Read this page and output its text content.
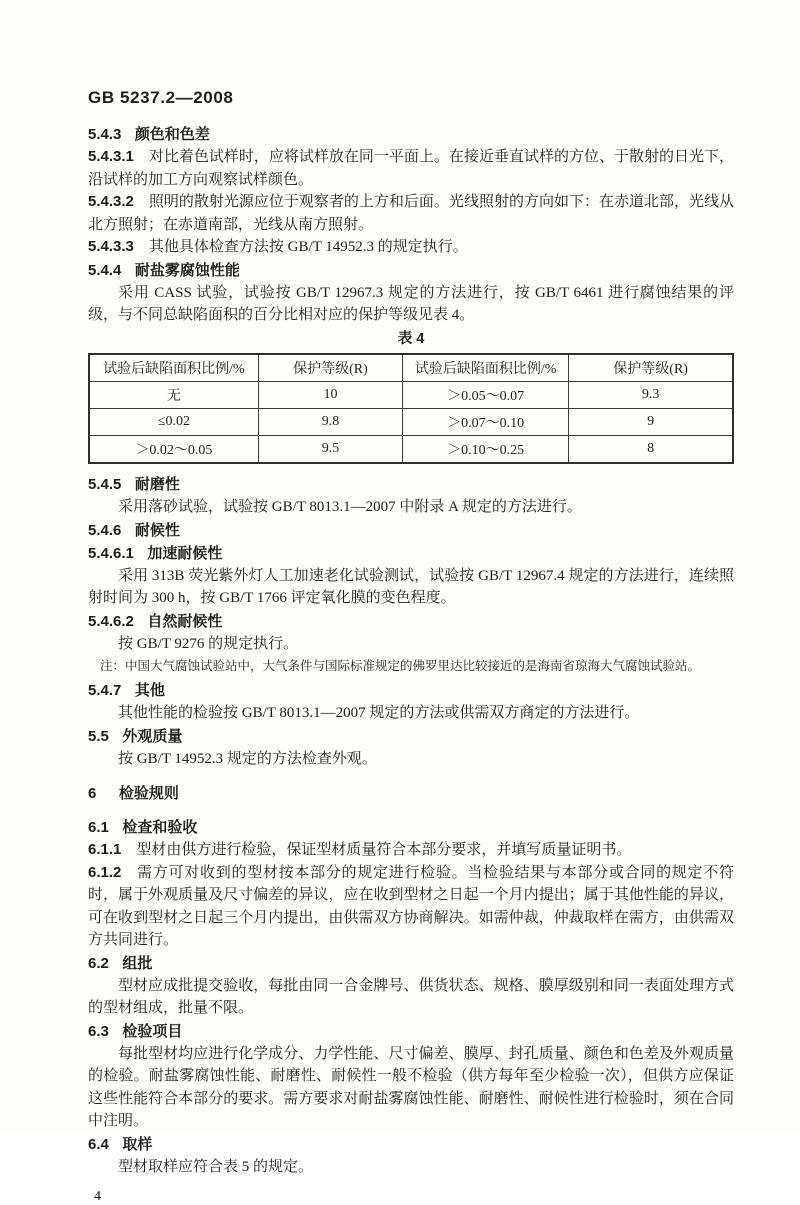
GB 5237.2—2008

5.4.3 颜色和色差

5.4.3.1 对比着色试样时，应将试样放在同一平面上。在接近垂直试样的方位、于散射的日光下，沿试样的加工方向观察试样颜色。

5.4.3.2 照明的散射光源应位于观察者的上方和后面。光线照射的方向如下：在赤道北部，光线从北方照射；在赤道南部，光线从南方照射。

5.4.3.3 其他具体检查方法按 GB/T 14952.3 的规定执行。

5.4.4 耐盐雾腐蚀性能

采用 CASS 试验，试验按 GB/T 12967.3 规定的方法进行，按 GB/T 6461 进行腐蚀结果的评级，与不同总缺陷面积的百分比相对应的保护等级见表 4。

表 4

试验后缺陷面积比例/%	保护等级(R)	试验后缺陷面积比例/%	保护等级(R)
无	10	＞0.05～0.07	9.3
≤0.02	9.8	＞0.07～0.10	9
＞0.02～0.05	9.5	＞0.10～0.25	8

5.4.5 耐磨性

采用落砂试验，试验按 GB/T 8013.1—2007 中附录 A 规定的方法进行。

5.4.6 耐候性

5.4.6.1 加速耐候性

采用 313B 荧光紫外灯人工加速老化试验测试，试验按 GB/T 12967.4 规定的方法进行，连续照射时间为 300 h，按 GB/T 1766 评定氧化膜的变色程度。

5.4.6.2 自然耐候性

按 GB/T 9276 的规定执行。

注：中国大气腐蚀试验站中，大气条件与国际标准规定的佛罗里达比较接近的是海南省琼海大气腐蚀试验站。

5.4.7 其他

其他性能的检验按 GB/T 8013.1—2007 规定的方法或供需双方商定的方法进行。

5.5 外观质量

按 GB/T 14952.3 规定的方法检查外观。

6 检验规则

6.1 检查和验收

6.1.1 型材由供方进行检验，保证型材质量符合本部分要求，并填写质量证明书。

6.1.2 需方可对收到的型材按本部分的规定进行检验。当检验结果与本部分或合同的规定不符时，属于外观质量及尺寸偏差的异议，应在收到型材之日起一个月内提出；属于其他性能的异议，可在收到型材之日起三个月内提出，由供需双方协商解决。如需仲裁，仲裁取样在需方，由供需双方共同进行。

6.2 组批

型材应成批提交验收，每批由同一合金牌号、供货状态、规格、膜厚级别和同一表面处理方式的型材组成，批量不限。

6.3 检验项目

每批型材均应进行化学成分、力学性能、尺寸偏差、膜厚、封孔质量、颜色和色差及外观质量的检验。耐盐雾腐蚀性能、耐磨性、耐候性一般不检验（供方每年至少检验一次），但供方应保证这些性能符合本部分的要求。需方要求对耐盐雾腐蚀性能、耐磨性、耐候性进行检验时，须在合同中注明。

6.4 取样

型材取样应符合表 5 的规定。

4
